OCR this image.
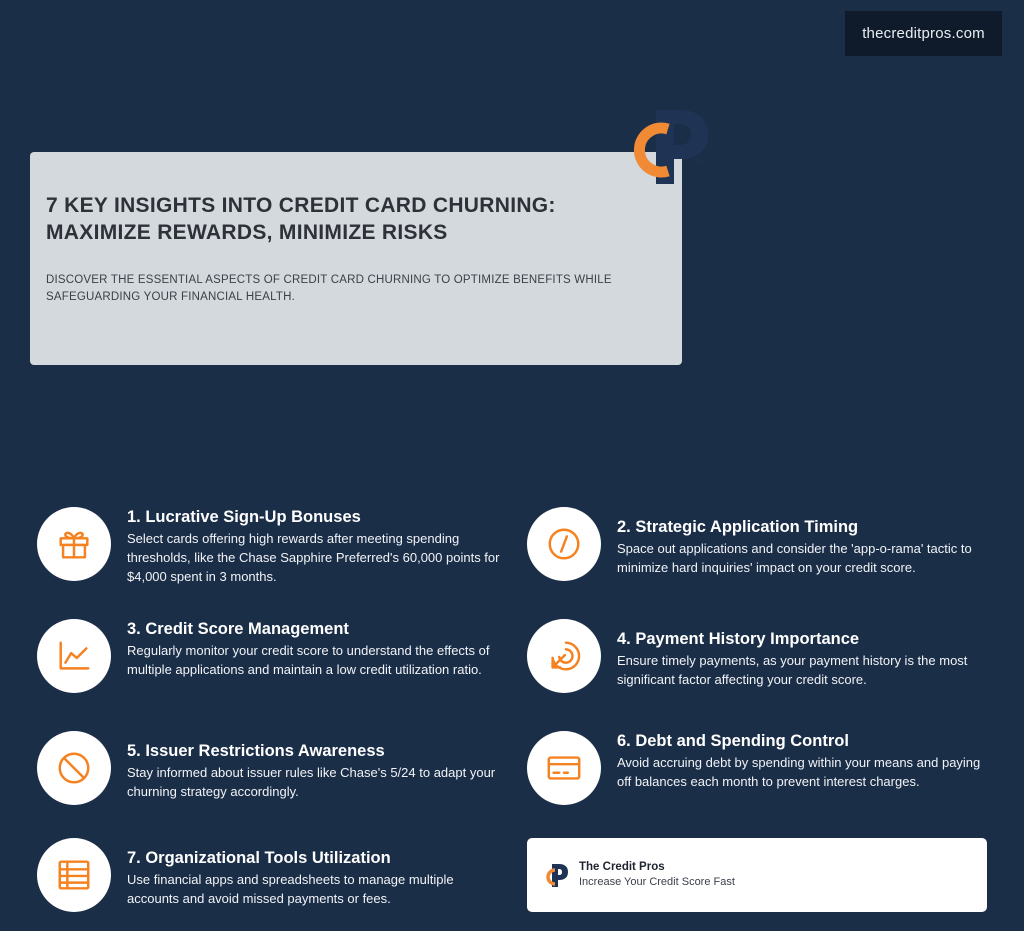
thecreditpros.com
7 KEY INSIGHTS INTO CREDIT CARD CHURNING: MAXIMIZE REWARDS, MINIMIZE RISKS
DISCOVER THE ESSENTIAL ASPECTS OF CREDIT CARD CHURNING TO OPTIMIZE BENEFITS WHILE SAFEGUARDING YOUR FINANCIAL HEALTH.
TM
1. Lucrative Sign-Up Bonuses
Select cards offering high rewards after meeting spending thresholds, like the Chase Sapphire Preferred's 60,000 points for $4,000 spent in 3 months.
2. Strategic Application Timing
Space out applications and consider the 'app-o-rama' tactic to minimize hard inquiries' impact on your credit score.
3. Credit Score Management
Regularly monitor your credit score to understand the effects of multiple applications and maintain a low credit utilization ratio.
4. Payment History Importance
Ensure timely payments, as your payment history is the most significant factor affecting your credit score.
5. Issuer Restrictions Awareness
Stay informed about issuer rules like Chase's 5/24 to adapt your churning strategy accordingly.
6. Debt and Spending Control
Avoid accruing debt by spending within your means and paying off balances each month to prevent interest charges.
7. Organizational Tools Utilization
Use financial apps and spreadsheets to manage multiple accounts and avoid missed payments or fees.
The Credit Pros
Increase Your Credit Score Fast
